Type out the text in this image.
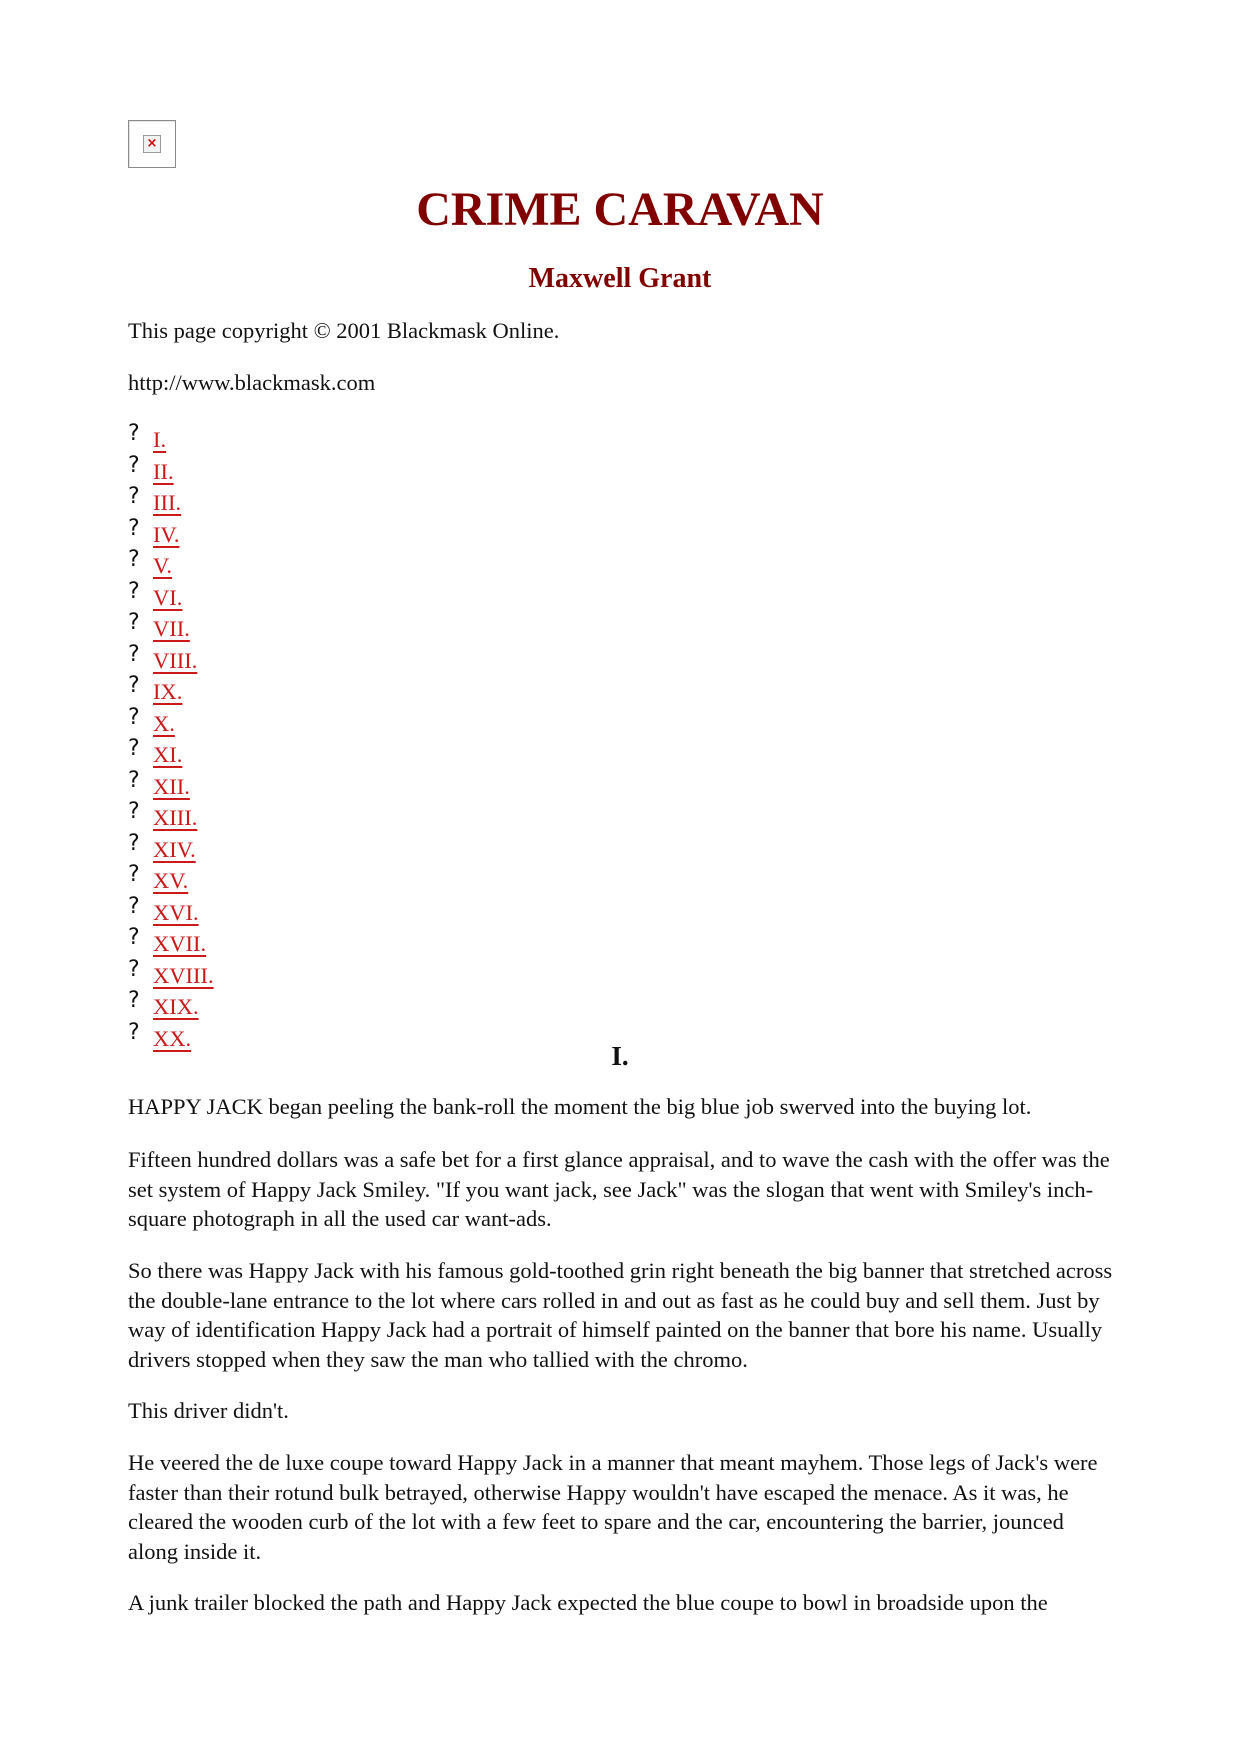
×
CRIME CARAVAN
Maxwell Grant

This page copyright © 2001 Blackmask Online.

http://www.blackmask.com

? I.
? II.
? III.
? IV.
? V.
? VI.
? VII.
? VIII.
? IX.
? X.
? XI.
? XII.
? XIII.
? XIV.
? XV.
? XVI.
? XVII.
? XVIII.
? XIX.
? XX.
I.

HAPPY JACK began peeling the bank-roll the moment the big blue job swerved into the buying lot.

Fifteen hundred dollars was a safe bet for a first glance appraisal, and to wave the cash with the offer was the set system of Happy Jack Smiley. "If you want jack, see Jack" was the slogan that went with Smiley's inch-square photograph in all the used car want-ads.

So there was Happy Jack with his famous gold-toothed grin right beneath the big banner that stretched across the double-lane entrance to the lot where cars rolled in and out as fast as he could buy and sell them. Just by way of identification Happy Jack had a portrait of himself painted on the banner that bore his name. Usually drivers stopped when they saw the man who tallied with the chromo.

This driver didn't.

He veered the de luxe coupe toward Happy Jack in a manner that meant mayhem. Those legs of Jack's were faster than their rotund bulk betrayed, otherwise Happy wouldn't have escaped the menace. As it was, he cleared the wooden curb of the lot with a few feet to spare and the car, encountering the barrier, jounced along inside it.

A junk trailer blocked the path and Happy Jack expected the blue coupe to bowl in broadside upon the
